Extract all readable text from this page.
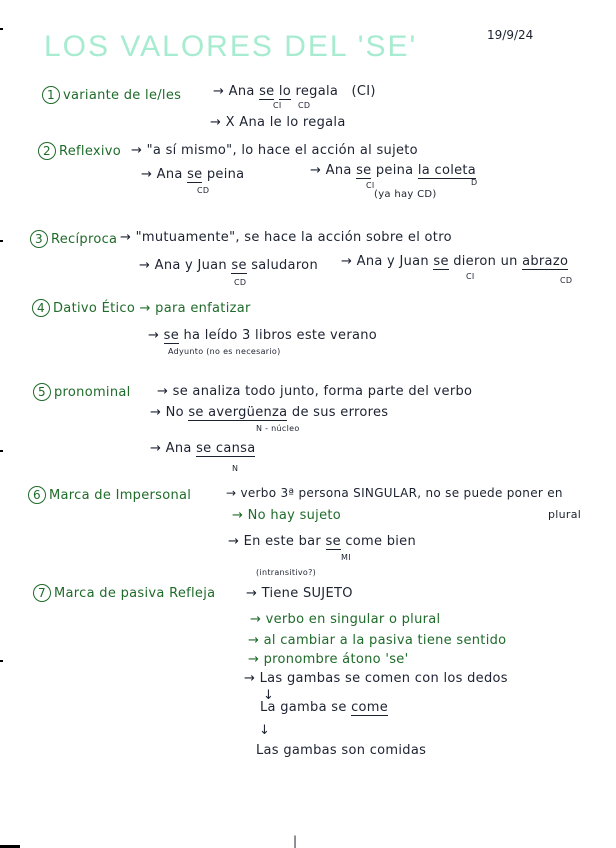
LOS VALORES DEL 'SE'	19/9/24
1 variante de le/les → Ana se lo regala (CI)
CI CD
→ X Ana le lo regala
2 Reflexivo → "a sí mismo", lo hace el acción al sujeto
→ Ana se peina
CD
→ Ana se peina la coleta
CI	D
(ya hay CD)
3 Recíproca → "mutuamente", se hace la acción sobre el otro
→ Ana y Juan se saludaron
CD
→ Ana y Juan se dieron un abrazo
CI	CD
4 Dativo Ético → para enfatizar
→ se ha leído 3 libros este verano
Adyunto (no es necesario)
5 pronominal → se analiza todo junto, forma parte del verbo
→ No se avergüenza de sus errores
N - núcleo
→ Ana se cansa
N
6 Marca de Impersonal	→ verbo 3ª persona SINGULAR, no se puede poner en
plural
→ No hay sujeto
→ En este bar se come bien
MI
(intransitivo?)
7 Marca de pasiva Refleja → Tiene SUJETO
→ verbo en singular o plural
→ al cambiar a la pasiva tiene sentido
→ pronombre átono 'se'
→ Las gambas se comen con los dedos
↓
La gamba se come
↓
Las gambas son comidas
|
